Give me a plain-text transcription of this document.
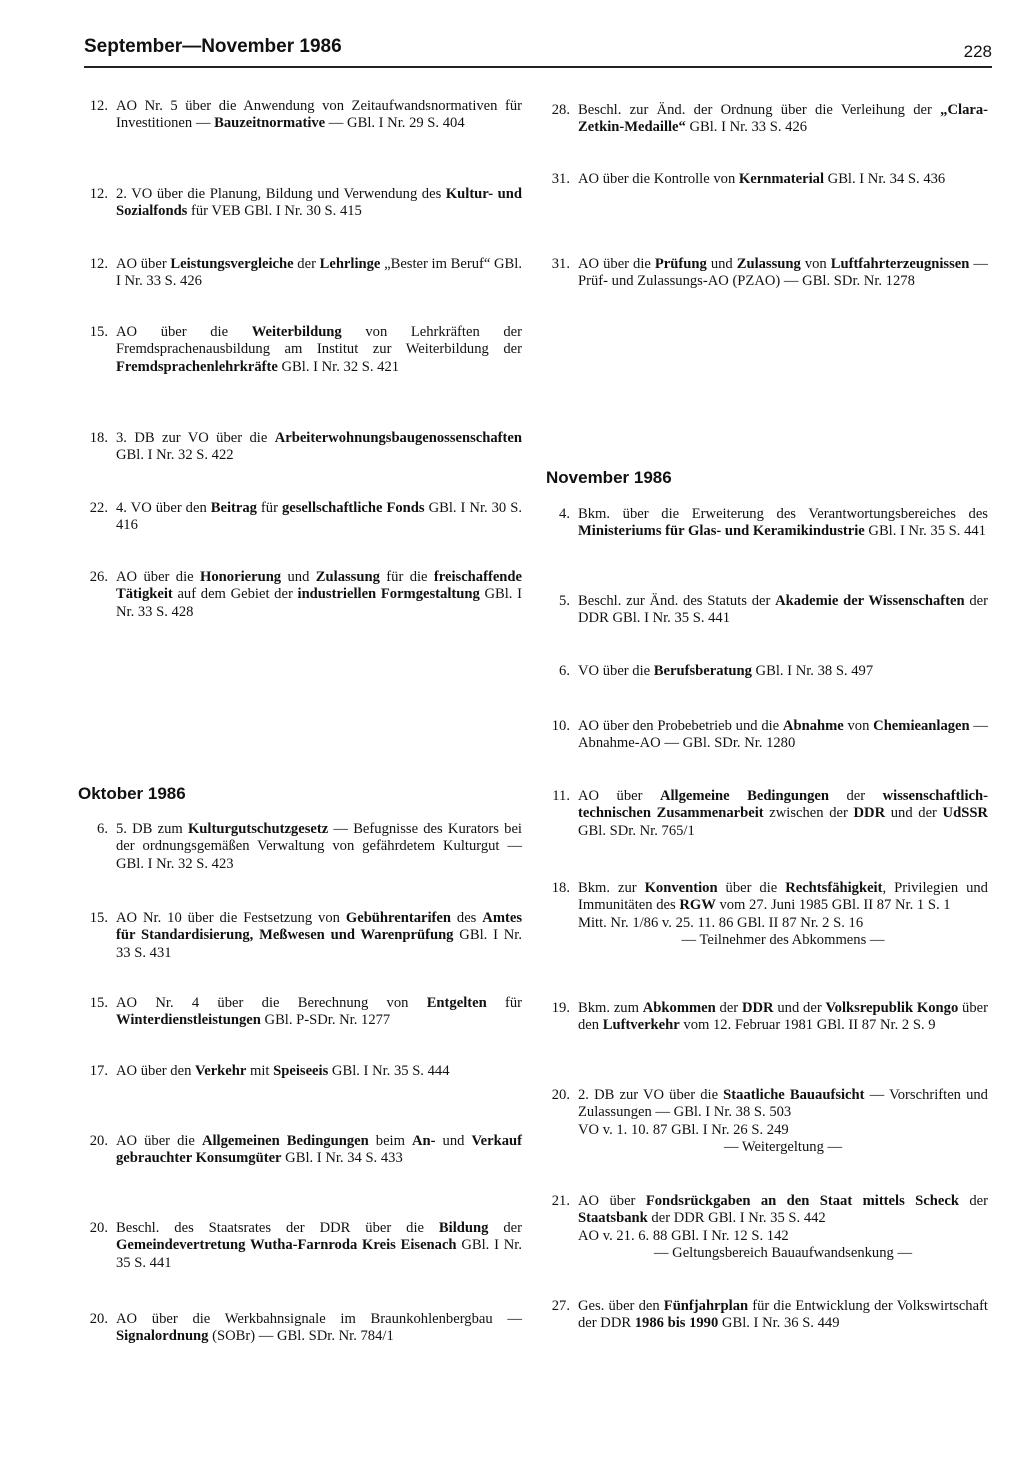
September—November 1986	228
12. AO Nr. 5 über die Anwendung von Zeitaufwandsnormativen für Investitionen — Bauzeitnormative — GBl. I Nr. 29 S. 404
12. 2. VO über die Planung, Bildung und Verwendung des Kultur- und Sozialfonds für VEB GBl. I Nr. 30 S. 415
12. AO über Leistungsvergleiche der Lehrlinge „Bester im Beruf“ GBl. I Nr. 33 S. 426
15. AO über die Weiterbildung von Lehrkräften der Fremdsprachenausbildung am Institut zur Weiterbildung der Fremdsprachenlehrkräfte GBl. I Nr. 32 S. 421
18. 3. DB zur VO über die Arbeiterwohnungsbaugenossenschaften GBl. I Nr. 32 S. 422
22. 4. VO über den Beitrag für gesellschaftliche Fonds GBl. I Nr. 30 S. 416
26. AO über die Honorierung und Zulassung für die freischaffende Tätigkeit auf dem Gebiet der industriellen Formgestaltung GBl. I Nr. 33 S. 428
Oktober 1986
6. 5. DB zum Kulturgutschutzgesetz — Befugnisse des Kurators bei der ordnungsgemäßen Verwaltung von gefährdetem Kulturgut — GBl. I Nr. 32 S. 423
15. AO Nr. 10 über die Festsetzung von Gebührentarifen des Amtes für Standardisierung, Meßwesen und Warenprüfung GBl. I Nr. 33 S. 431
15. AO Nr. 4 über die Berechnung von Entgelten für Winterdienstleistungen GBl. P-SDr. Nr. 1277
17. AO über den Verkehr mit Speiseeis GBl. I Nr. 35 S. 444
20. AO über die Allgemeinen Bedingungen beim An- und Verkauf gebrauchter Konsumgüter GBl. I Nr. 34 S. 433
20. Beschl. des Staatsrates der DDR über die Bildung der Gemeindevertretung Wutha-Farnroda Kreis Eisenach GBl. I Nr. 35 S. 441
20. AO über die Werkbahnsignale im Braunkohlenbergbau — Signalordnung (SOBr) — GBl. SDr. Nr. 784/1
28. Beschl. zur Änd. der Ordnung über die Verleihung der „Clara-Zetkin-Medaille“ GBl. I Nr. 33 S. 426
31. AO über die Kontrolle von Kernmaterial GBl. I Nr. 34 S. 436
31. AO über die Prüfung und Zulassung von Luftfahrterzeugnissen — Prüf- und Zulassungs-AO (PZAO) — GBl. SDr. Nr. 1278
November 1986
4. Bkm. über die Erweiterung des Verantwortungsbereiches des Ministeriums für Glas- und Keramikindustrie GBl. I Nr. 35 S. 441
5. Beschl. zur Änd. des Statuts der Akademie der Wissenschaften der DDR GBl. I Nr. 35 S. 441
6. VO über die Berufsberatung GBl. I Nr. 38 S. 497
10. AO über den Probebetrieb und die Abnahme von Chemieanlagen — Abnahme-AO — GBl. SDr. Nr. 1280
11. AO über Allgemeine Bedingungen der wissenschaftlich-technischen Zusammenarbeit zwischen der DDR und der UdSSR GBl. SDr. Nr. 765/1
18. Bkm. zur Konvention über die Rechtsfähigkeit, Privilegien und Immunitäten des RGW vom 27. Juni 1985 GBl. II 87 Nr. 1 S. 1
Mitt. Nr. 1/86 v. 25. 11. 86 GBl. II 87 Nr. 2 S. 16
— Teilnehmer des Abkommens —
19. Bkm. zum Abkommen der DDR und der Volksrepublik Kongo über den Luftverkehr vom 12. Februar 1981 GBl. II 87 Nr. 2 S. 9
20. 2. DB zur VO über die Staatliche Bauaufsicht — Vorschriften und Zulassungen — GBl. I Nr. 38 S. 503
VO v. 1. 10. 87 GBl. I Nr. 26 S. 249
— Weitergeltung —
21. AO über Fondsrückgaben an den Staat mittels Scheck der Staatsbank der DDR GBl. I Nr. 35 S. 442
AO v. 21. 6. 88 GBl. I Nr. 12 S. 142
— Geltungsbereich Bauaufwandsenkung —
27. Ges. über den Fünfjahrplan für die Entwicklung der Volkswirtschaft der DDR 1986 bis 1990 GBl. I Nr. 36 S. 449
